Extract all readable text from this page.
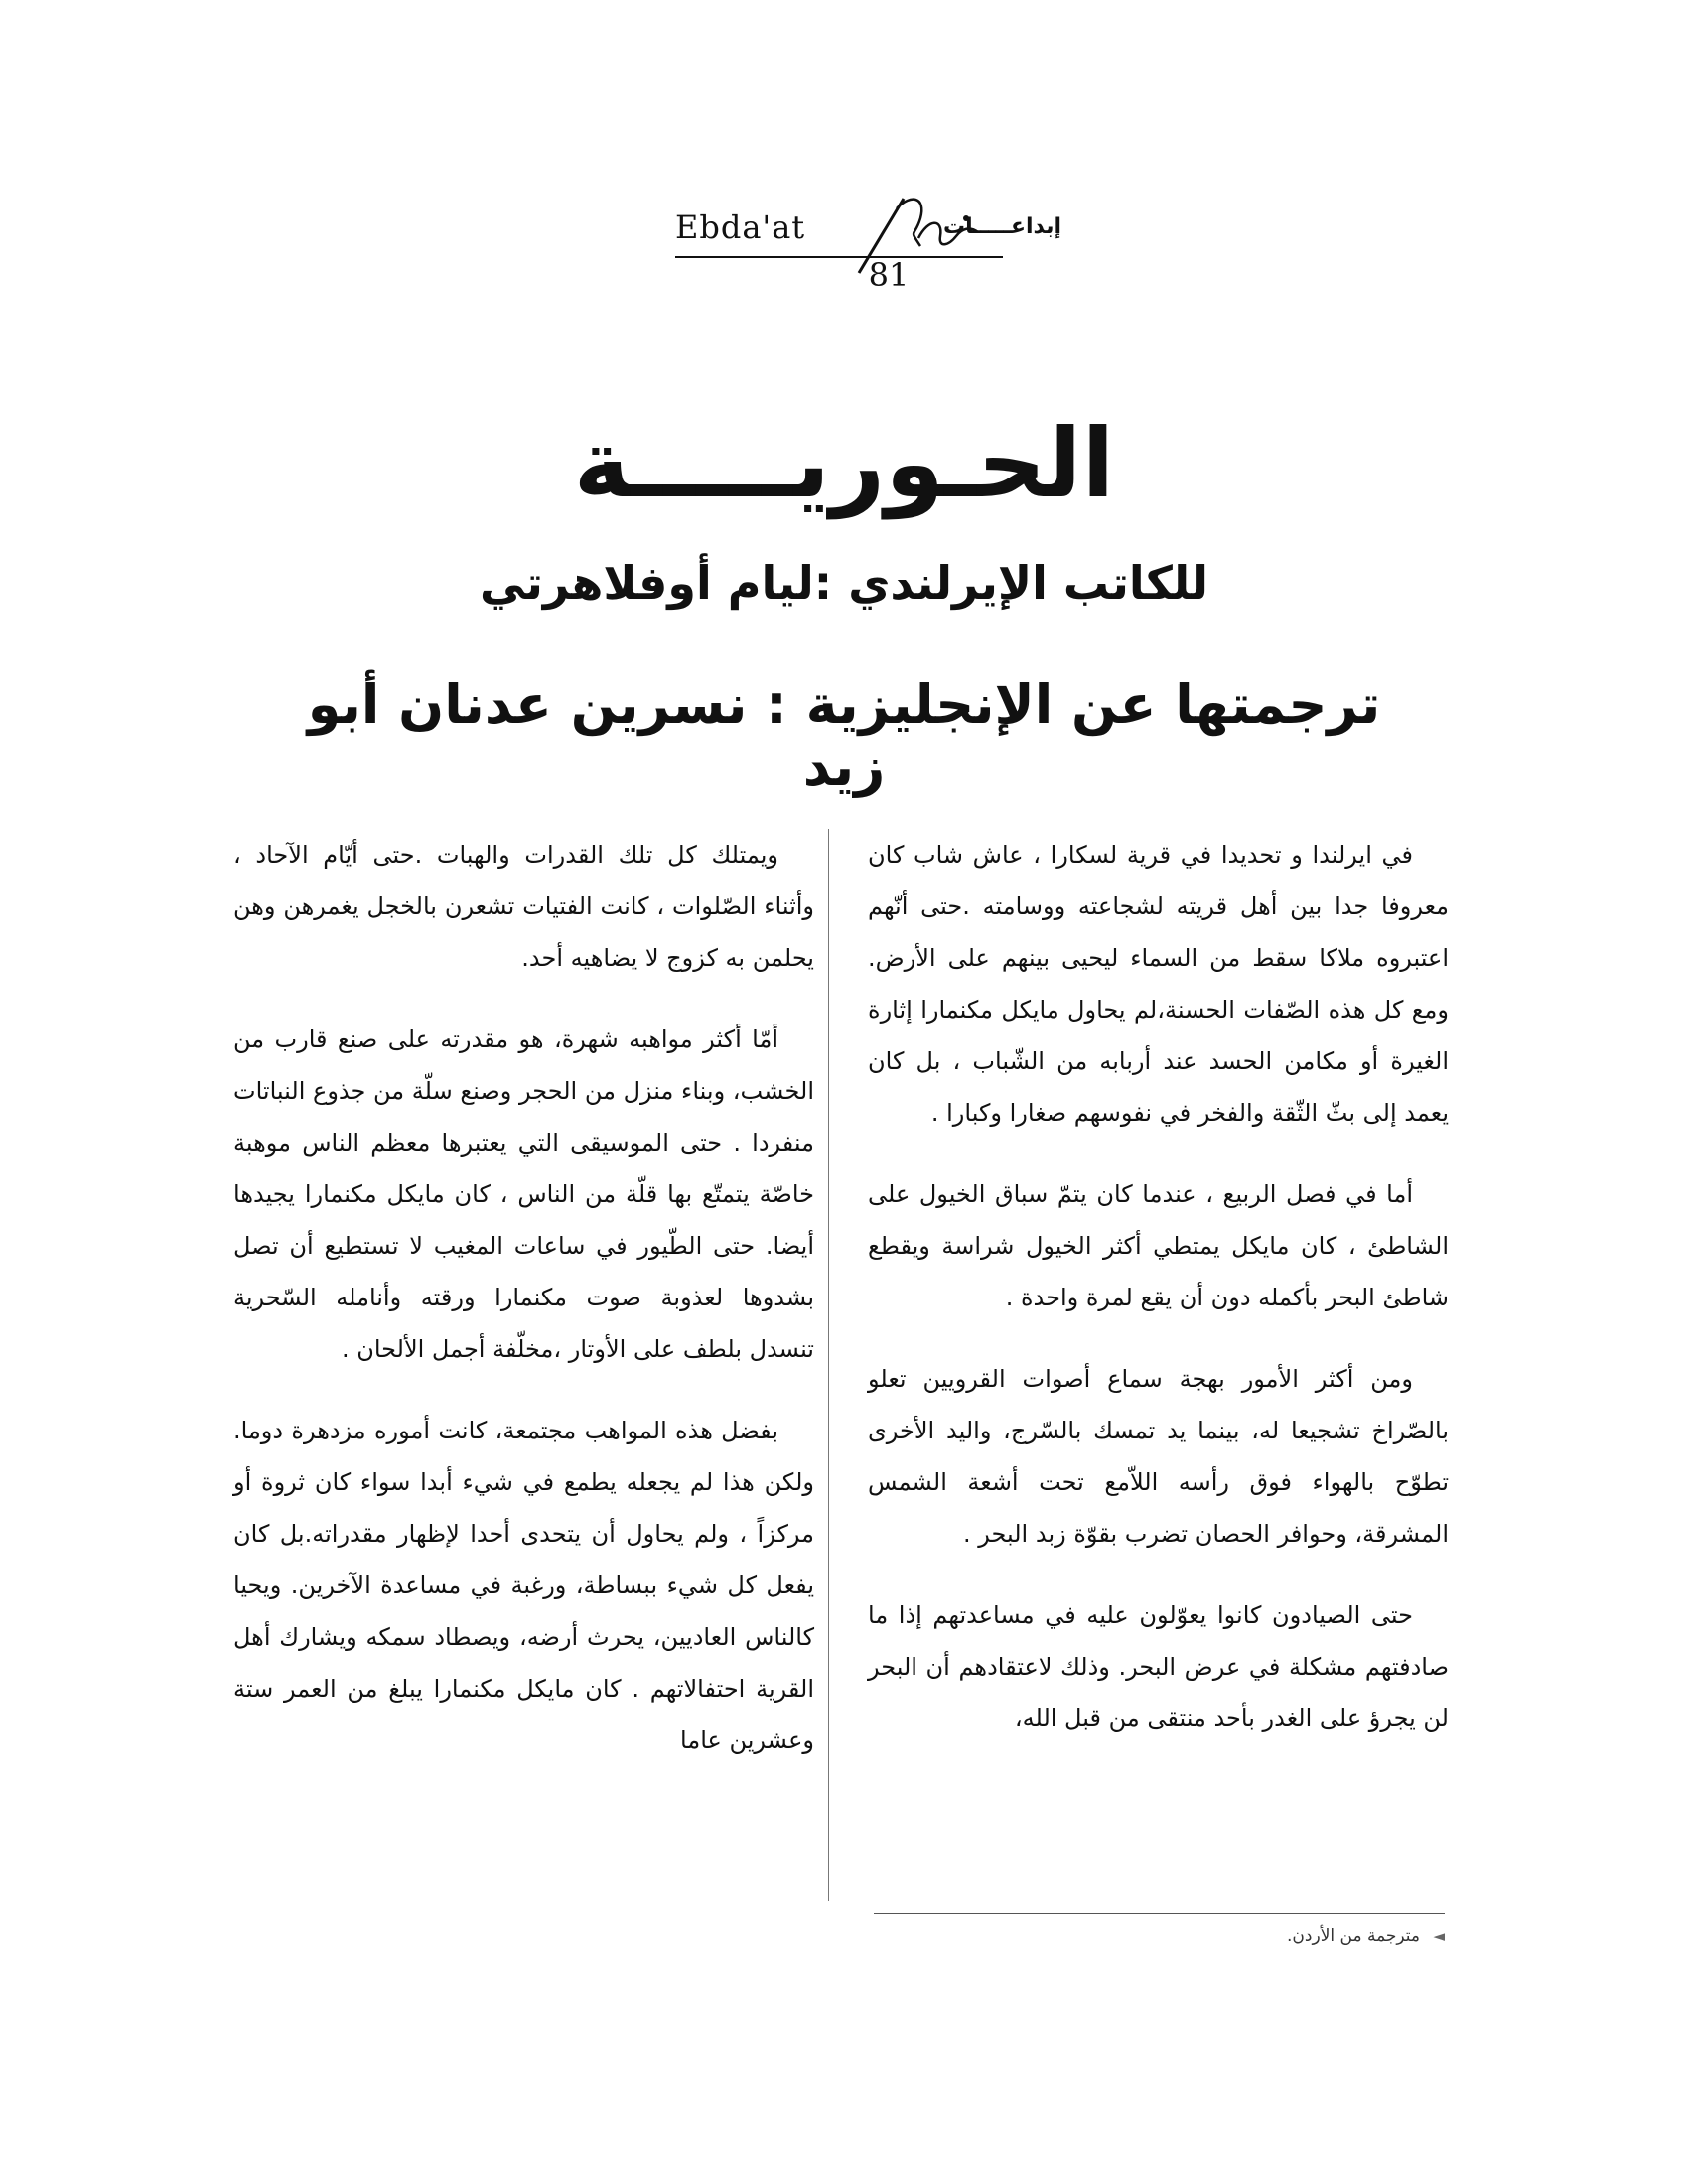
Ebda'at	إبداعـــــات
81
الحـوريـــــة
للكاتب الإيرلندي :ليام أوفلاهرتي
ترجمتها عن الإنجليزية : نسرين عدنان أبو زيد

في ايرلندا و تحديدا في قرية لسكارا ، عاش شاب كان معروفا جدا بين أهل قريته لشجاعته ووسامته .حتى أنّهم اعتبروه ملاكا سقط من السماء ليحيى بينهم على الأرض. ومع كل هذه الصّفات الحسنة،لم يحاول مايكل مكنمارا إثارة الغيرة أو مكامن الحسد عند أربابه من الشّباب ، بل كان يعمد إلى بثّ الثّقة والفخر في نفوسهم صغارا وكبارا .

أما في فصل الربيع ، عندما كان يتمّ سباق الخيول على الشاطئ ، كان مايكل يمتطي أكثر الخيول شراسة ويقطع شاطئ البحر بأكمله دون أن يقع لمرة واحدة .

ومن أكثر الأمور بهجة سماع أصوات القرويين تعلو بالصّراخ تشجيعا له، بينما يد تمسك بالسّرج، واليد الأخرى تطوّح بالهواء فوق رأسه اللاّمع تحت أشعة الشمس المشرقة، وحوافر الحصان تضرب بقوّة زبد البحر .

حتى الصيادون كانوا يعوّلون عليه في مساعدتهم إذا ما صادفتهم مشكلة في عرض البحر. وذلك لاعتقادهم أن البحر لن يجرؤ على الغدر بأحد منتقى من قبل الله،

ويمتلك كل تلك القدرات والهبات .حتى أيّام الآحاد ، وأثناء الصّلوات ، كانت الفتيات تشعرن بالخجل يغمرهن وهن يحلمن به كزوج لا يضاهيه أحد.

أمّا أكثر مواهبه شهرة، هو مقدرته على صنع قارب من الخشب، وبناء منزل من الحجر وصنع سلّة من جذوع النباتات منفردا . حتى الموسيقى التي يعتبرها معظم الناس موهبة خاصّة يتمتّع بها قلّة من الناس ، كان مايكل مكنمارا يجيدها أيضا. حتى الطّيور في ساعات المغيب لا تستطيع أن تصل بشدوها لعذوبة صوت مكنمارا ورقته وأنامله السّحرية تنسدل بلطف على الأوتار ،مخلّفة أجمل الألحان .

بفضل هذه المواهب مجتمعة، كانت أموره مزدهرة دوما. ولكن هذا لم يجعله يطمع في شيء أبدا سواء كان ثروة أو مركزاً ، ولم يحاول أن يتحدى أحدا لإظهار مقدراته.بل كان يفعل كل شيء ببساطة، ورغبة في مساعدة الآخرين. ويحيا كالناس العاديين، يحرث أرضه، ويصطاد سمكه ويشارك أهل القرية احتفالاتهم . كان مايكل مكنمارا يبلغ من العمر ستة وعشرين عاما

◄ مترجمة من الأردن.
